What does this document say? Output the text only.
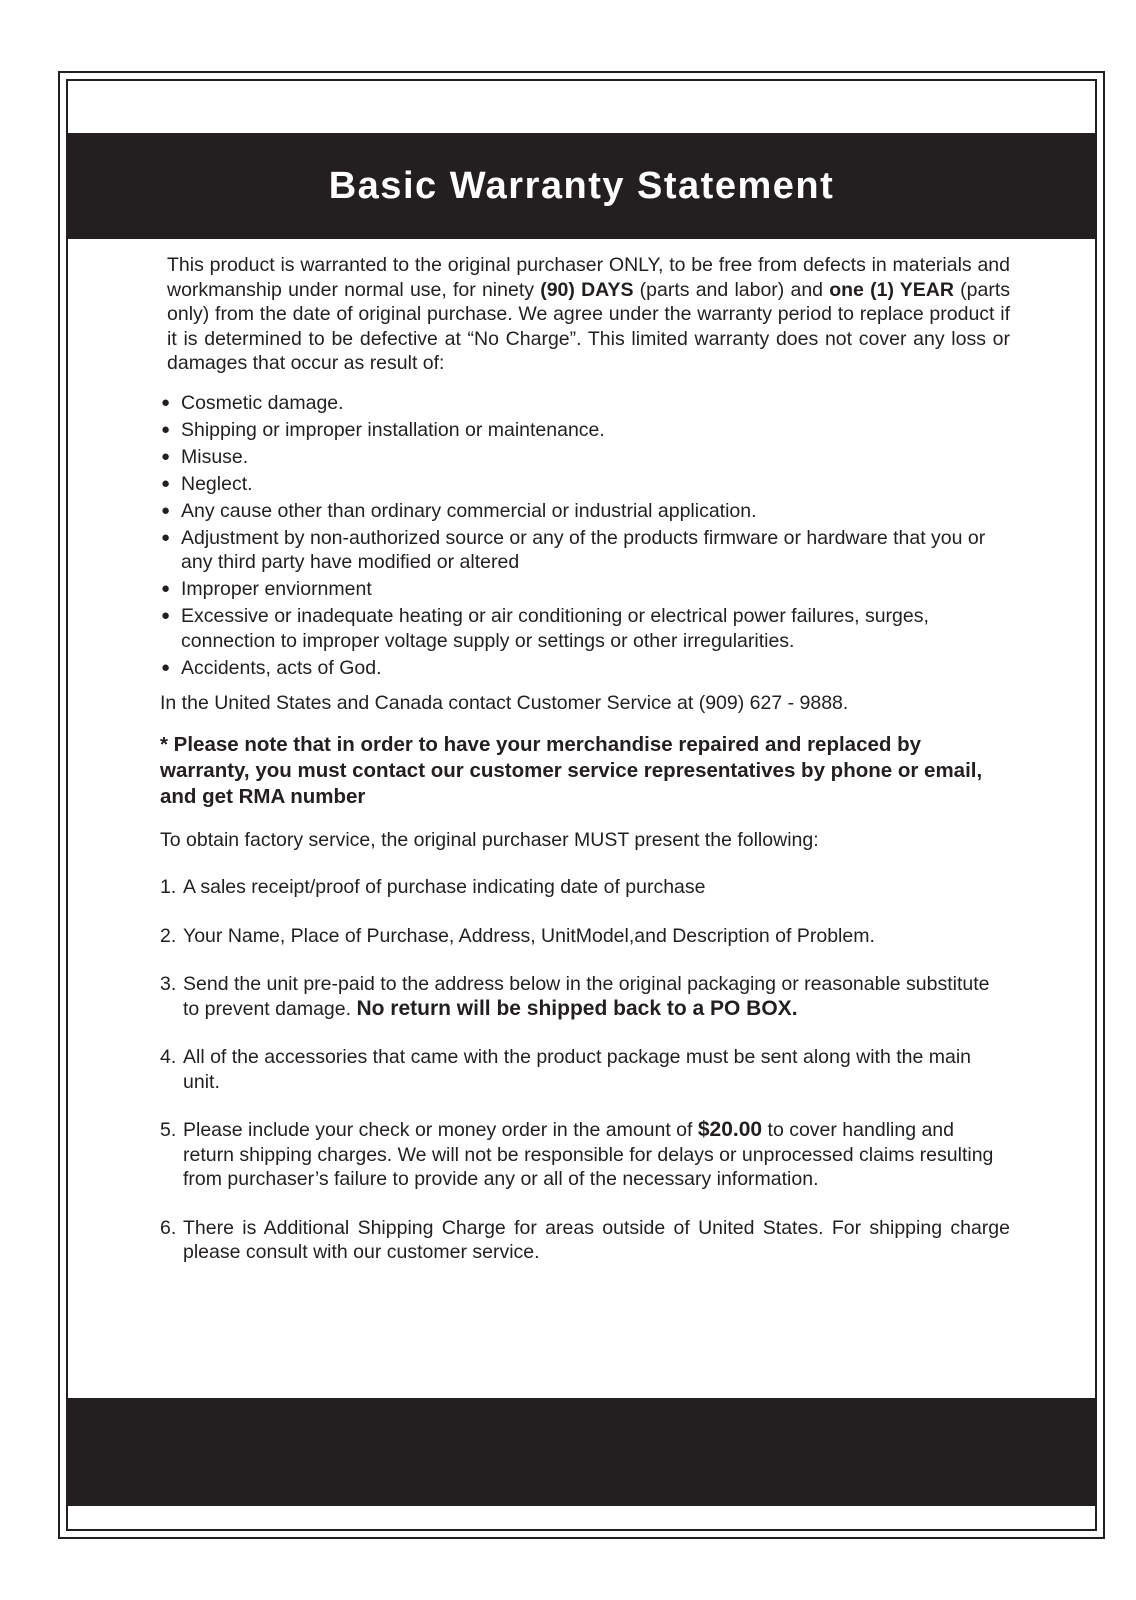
Basic Warranty Statement

This product is warranted to the original purchaser ONLY, to be free from defects in materials and workmanship under normal use, for ninety (90) DAYS (parts and labor) and one (1) YEAR (parts only) from the date of original purchase. We agree under the warranty period to replace product if it is determined to be defective at “No Charge”. This limited warranty does not cover any loss or damages that occur as result of:

● Cosmetic damage.
● Shipping or improper installation or maintenance.
● Misuse.
● Neglect.
● Any cause other than ordinary commercial or industrial application.
● Adjustment by non-authorized source or any of the products firmware or hardware that you or any third party have modified or altered
● Improper enviornment
● Excessive or inadequate heating or air conditioning or electrical power failures, surges, connection to improper voltage supply or settings or other irregularities.
● Accidents, acts of God.

In the United States and Canada contact Customer Service at (909) 627 - 9888.

* Please note that in order to have your merchandise repaired and replaced by warranty, you must contact our customer service representatives by phone or email, and get RMA number

To obtain factory service, the original purchaser MUST present the following:

1. A sales receipt/proof of purchase indicating date of purchase
2. Your Name, Place of Purchase, Address, UnitModel,and Description of Problem.
3. Send the unit pre-paid to the address below in the original packaging or reasonable substitute to prevent damage. No return will be shipped back to a PO BOX.
4. All of the accessories that came with the product package must be sent along with the main unit.
5. Please include your check or money order in the amount of $20.00 to cover handling and return shipping charges. We will not be responsible for delays or unprocessed claims resulting from purchaser’s failure to provide any or all of the necessary information.
6. There is Additional Shipping Charge for areas outside of United States. For shipping charge please consult with our customer service.
